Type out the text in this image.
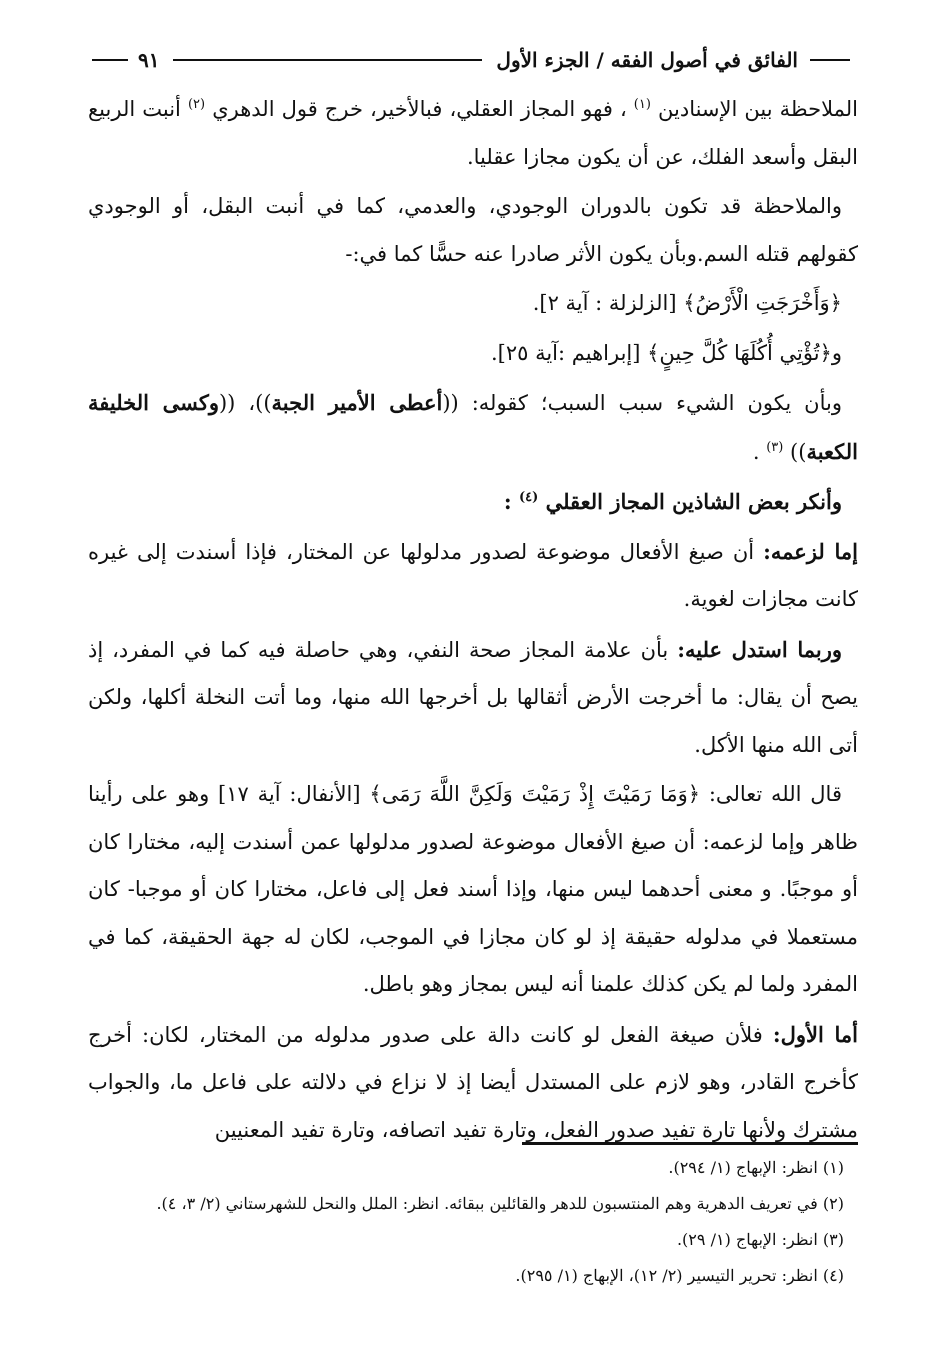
الفائق في أصول الفقه / الجزء الأول
٩١

الملاحظة بين الإسنادين $^{(١)}$ ، فهو المجاز العقلي، فبالأخير، خرج قول الدهري $^{(٢)}$ أنبت الربيع البقل وأسعد الفلك، عن أن يكون مجازا عقليا.

والملاحظة قد تكون بالدوران الوجودي، والعدمي، كما في أنبت البقل، أو الوجودي كقولهم قتله السم.وبأن يكون الأثر صادرا عنه حسًّا كما في:-

﴿وَأَخْرَجَتِ الْأَرْضُ﴾ [الزلزلة : آية ٢].

و﴿تُؤْتِي أُكُلَهَا كُلَّ حِينٍ﴾ [إبراهيم :آية ٢٥].

وبأن يكون الشيء سبب السبب؛ كقوله: ((أعطى الأمير الجبة))، ((وكسى الخليفة الكعبة)) $^{(٣)}$ .

وأنكر بعض الشاذين المجاز العقلي $^{(٤)}$ :

إما لزعمه: أن صيغ الأفعال موضوعة لصدور مدلولها عن المختار، فإذا أسندت إلى غيره كانت مجازات لغوية.

وربما استدل عليه: بأن علامة المجاز صحة النفي، وهي حاصلة فيه كما في المفرد، إذ يصح أن يقال: ما أخرجت الأرض أثقالها بل أخرجها الله منها، وما أتت النخلة أكلها، ولكن أتى الله منها الأكل.

قال الله تعالى: ﴿وَمَا رَمَيْتَ إِذْ رَمَيْتَ وَلَكِنَّ اللَّهَ رَمَى﴾ [الأنفال: آية ١٧] وهو على رأينا ظاهر وإما لزعمه: أن صيغ الأفعال موضوعة لصدور مدلولها عمن أسندت إليه، مختارا كان أو موجبًا. و معنى أحدهما ليس منها، وإذا أسند فعل إلى فاعل، مختارا كان أو موجبا- كان مستعملا في مدلوله حقيقة إذ لو كان مجازا في الموجب، لكان له جهة الحقيقة، كما في المفرد ولما لم يكن كذلك علمنا أنه ليس بمجاز وهو باطل.

أما الأول: فلأن صيغة الفعل لو كانت دالة على صدور مدلوله من المختار، لكان: أخرج كأخرج القادر، وهو لازم على المستدل أيضا إذ لا نزاع في دلالته على فاعل ما، والجواب مشترك ولأنها تارة تفيد صدور الفعل، وتارة تفيد اتصافه، وتارة تفيد المعنيين

(١) انظر: الإبهاج (١/ ٢٩٤).

(٢) في تعريف الدهرية وهم المنتسبون للدهر والقائلين ببقائه. انظر: الملل والنحل للشهرستاني (٢/ ٣، ٤).

(٣) انظر: الإبهاج (١/ ٢٩).

(٤) انظر: تحرير التيسير (٢/ ١٢)، الإبهاج (١/ ٢٩٥).
